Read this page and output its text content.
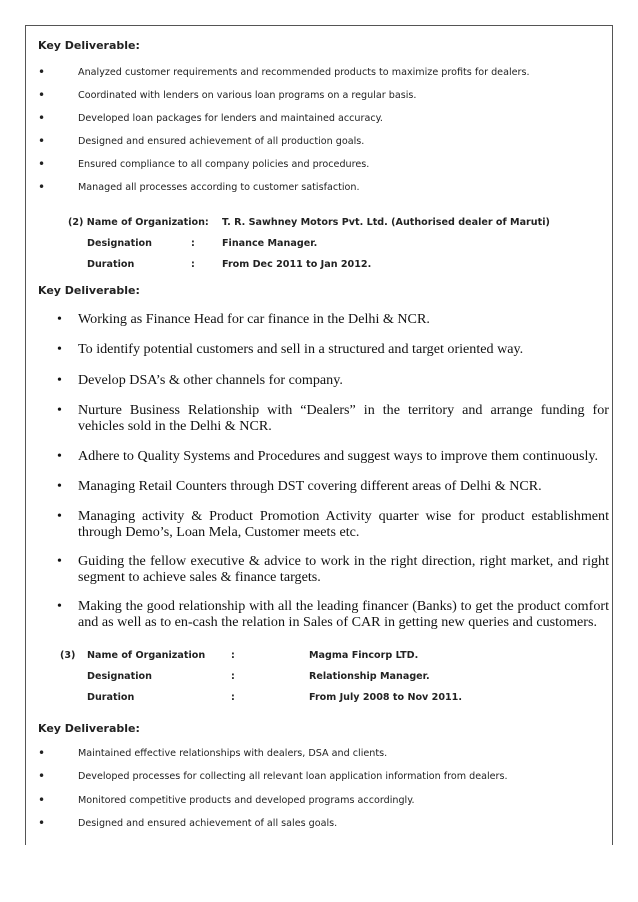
Key Deliverable:
•	Analyzed customer requirements and recommended products to maximize profits for dealers.
•	Coordinated with lenders on various loan programs on a regular basis.
•	Developed loan packages for lenders and maintained accuracy.
•	Designed and ensured achievement of all production goals.
•	Ensured compliance to all company policies and procedures.
•	Managed all processes according to customer satisfaction.
(2) Name of Organization: T. R. Sawhney Motors Pvt. Ltd. (Authorised dealer of Maruti)
Designation	:	Finance Manager.
Duration	:	From Dec 2011 to Jan 2012.
Key Deliverable:
• Working as Finance Head for car finance in the Delhi & NCR.
• To identify potential customers and sell in a structured and target oriented way.
• Develop DSA’s & other channels for company.
• Nurture Business Relationship with “Dealers” in the territory and arrange funding for vehicles sold in the Delhi & NCR.
• Adhere to Quality Systems and Procedures and suggest ways to improve them continuously.
• Managing Retail Counters through DST covering different areas of Delhi & NCR.
• Managing activity & Product Promotion Activity quarter wise for product establishment through Demo’s, Loan Mela, Customer meets etc.
• Guiding the fellow executive & advice to work in the right direction, right market, and right segment to achieve sales & finance targets.
• Making the good relationship with all the leading financer (Banks) to get the product comfort and as well as to en-cash the relation in Sales of CAR in getting new queries and customers.
(3) Name of Organization	:	Magma Fincorp LTD.
Designation	:	Relationship Manager.
Duration	:	From July 2008 to Nov 2011.
Key Deliverable:
•	Maintained effective relationships with dealers, DSA and clients.
•	Developed processes for collecting all relevant loan application information from dealers.
•	Monitored competitive products and developed programs accordingly.
•	Designed and ensured achievement of all sales goals.
